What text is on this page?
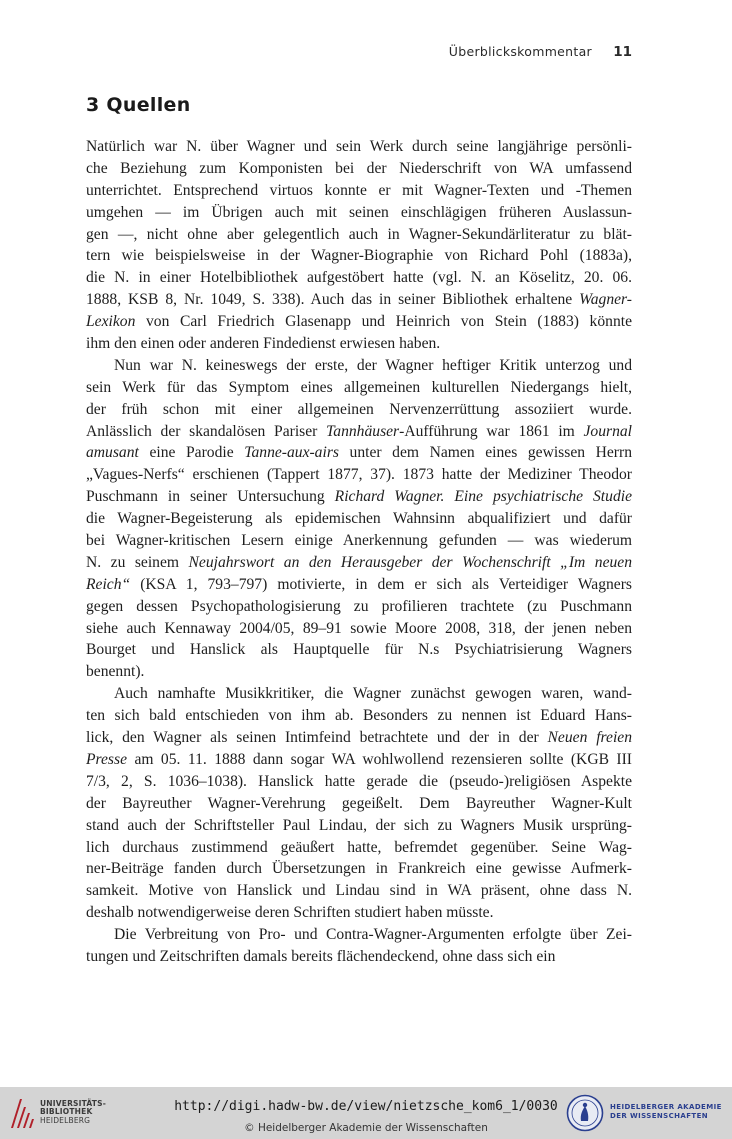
Überblickskommentar 11
3 Quellen
Natürlich war N. über Wagner und sein Werk durch seine langjährige persönli-
che Beziehung zum Komponisten bei der Niederschrift von WA umfassend
unterrichtet. Entsprechend virtuos konnte er mit Wagner-Texten und -Themen
umgehen — im Übrigen auch mit seinen einschlägigen früheren Auslassun-
gen —, nicht ohne aber gelegentlich auch in Wagner-Sekundärliteratur zu blät-
tern wie beispielsweise in der Wagner-Biographie von Richard Pohl (1883a),
die N. in einer Hotelbibliothek aufgestöbert hatte (vgl. N. an Köselitz, 20. 06.
1888, KSB 8, Nr. 1049, S. 338). Auch das in seiner Bibliothek erhaltene Wagner-
Lexikon von Carl Friedrich Glasenapp und Heinrich von Stein (1883) könnte
ihm den einen oder anderen Findedienst erwiesen haben.
Nun war N. keineswegs der erste, der Wagner heftiger Kritik unterzog und
sein Werk für das Symptom eines allgemeinen kulturellen Niedergangs hielt,
der früh schon mit einer allgemeinen Nervenzerrüttung assoziiert wurde.
Anlässlich der skandalösen Pariser Tannhäuser-Aufführung war 1861 im Journal
amusant eine Parodie Tanne-aux-airs unter dem Namen eines gewissen Herrn
„Vagues-Nerfs“ erschienen (Tappert 1877, 37). 1873 hatte der Mediziner Theodor
Puschmann in seiner Untersuchung Richard Wagner. Eine psychiatrische Studie
die Wagner-Begeisterung als epidemischen Wahnsinn abqualifiziert und dafür
bei Wagner-kritischen Lesern einige Anerkennung gefunden — was wiederum
N. zu seinem Neujahrswort an den Herausgeber der Wochenschrift „Im neuen
Reich“ (KSA 1, 793–797) motivierte, in dem er sich als Verteidiger Wagners
gegen dessen Psychopathologisierung zu profilieren trachtete (zu Puschmann
siehe auch Kennaway 2004/05, 89–91 sowie Moore 2008, 318, der jenen neben
Bourget und Hanslick als Hauptquelle für N.s Psychiatrisierung Wagners
benennt).
Auch namhafte Musikkritiker, die Wagner zunächst gewogen waren, wand-
ten sich bald entschieden von ihm ab. Besonders zu nennen ist Eduard Hans-
lick, den Wagner als seinen Intimfeind betrachtete und der in der Neuen freien
Presse am 05. 11. 1888 dann sogar WA wohlwollend rezensieren sollte (KGB III
7/3, 2, S. 1036–1038). Hanslick hatte gerade die (pseudo-)religiösen Aspekte
der Bayreuther Wagner-Verehrung gegeißelt. Dem Bayreuther Wagner-Kult
stand auch der Schriftsteller Paul Lindau, der sich zu Wagners Musik ursprüng-
lich durchaus zustimmend geäußert hatte, befremdet gegenüber. Seine Wag-
ner-Beiträge fanden durch Übersetzungen in Frankreich eine gewisse Aufmerk-
samkeit. Motive von Hanslick und Lindau sind in WA präsent, ohne dass N.
deshalb notwendigerweise deren Schriften studiert haben müsste.
Die Verbreitung von Pro- und Contra-Wagner-Argumenten erfolgte über Zei-
tungen und Zeitschriften damals bereits flächendeckend, ohne dass sich ein
UNIVERSITÄTS-
BIBLIOTHEK
HEIDELBERG
http://digi.hadw-bw.de/view/nietzsche_kom6_1/0030
© Heidelberger Akademie der Wissenschaften
HEIDELBERGER AKADEMIE
DER WISSENSCHAFTEN
